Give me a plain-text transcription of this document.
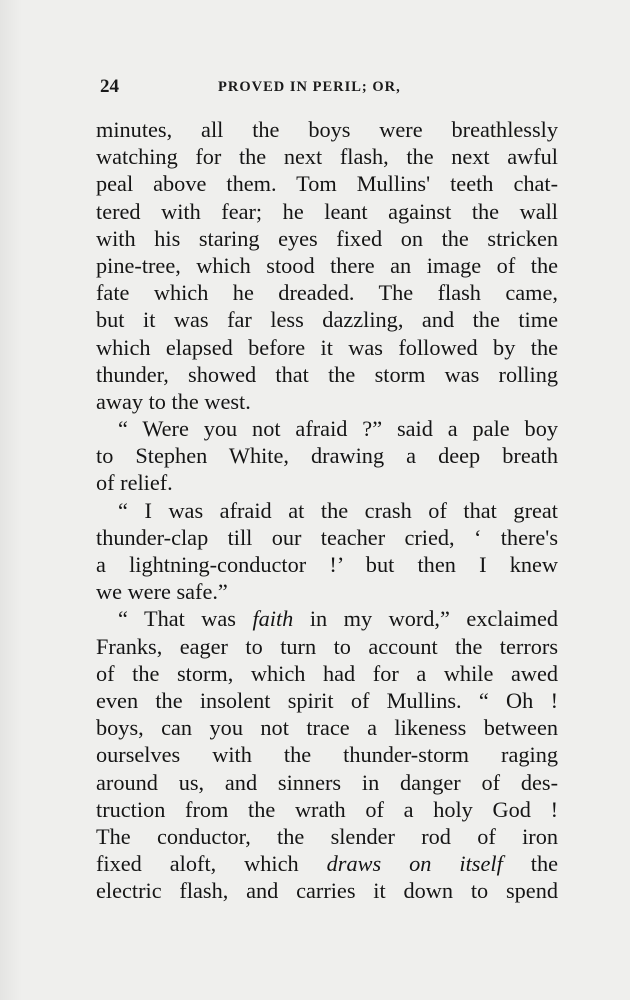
24	PROVED IN PERIL; OR,
minutes, all the boys were breathlessly
watching for the next flash, the next awful
peal above them. Tom Mullins' teeth chat-
tered with fear; he leant against the wall
with his staring eyes fixed on the stricken
pine-tree, which stood there an image of the
fate which he dreaded. The flash came,
but it was far less dazzling, and the time
which elapsed before it was followed by the
thunder, showed that the storm was rolling
away to the west.
“ Were you not afraid ?” said a pale boy
to Stephen White, drawing a deep breath
of relief.
“ I was afraid at the crash of that great
thunder-clap till our teacher cried, ‘ there's
a lightning-conductor !’ but then I knew
we were safe.”
“ That was faith in my word,” exclaimed
Franks, eager to turn to account the terrors
of the storm, which had for a while awed
even the insolent spirit of Mullins. “ Oh !
boys, can you not trace a likeness between
ourselves with the thunder-storm raging
around us, and sinners in danger of des-
truction from the wrath of a holy God !
The conductor, the slender rod of iron
fixed aloft, which draws on itself the
electric flash, and carries it down to spend
